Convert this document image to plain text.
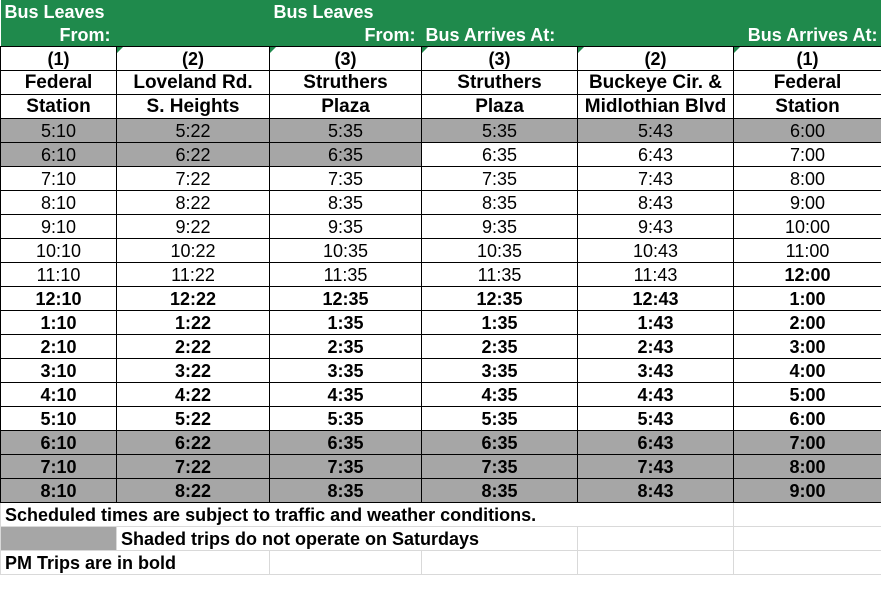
Bus Leaves		Bus Leaves			
From:		From:	Bus Arrives At:		Bus Arrives At:
(1)	(2)	(3)	(3)	(2)	(1)
Federal	Loveland Rd.	Struthers	Struthers	Buckeye Cir. &	Federal
Station	S. Heights	Plaza	Plaza	Midlothian Blvd	Station
5:10	5:22	5:35	5:35	5:43	6:00
6:10	6:22	6:35	6:35	6:43	7:00
7:10	7:22	7:35	7:35	7:43	8:00
8:10	8:22	8:35	8:35	8:43	9:00
9:10	9:22	9:35	9:35	9:43	10:00
10:10	10:22	10:35	10:35	10:43	11:00
11:10	11:22	11:35	11:35	11:43	12:00
12:10	12:22	12:35	12:35	12:43	1:00
1:10	1:22	1:35	1:35	1:43	2:00
2:10	2:22	2:35	2:35	2:43	3:00
3:10	3:22	3:35	3:35	3:43	4:00
4:10	4:22	4:35	4:35	4:43	5:00
5:10	5:22	5:35	5:35	5:43	6:00
6:10	6:22	6:35	6:35	6:43	7:00
7:10	7:22	7:35	7:35	7:43	8:00
8:10	8:22	8:35	8:35	8:43	9:00
Scheduled times are subject to traffic and weather conditions.					
	Shaded trips do not operate on Saturdays				
PM Trips are in bold					
